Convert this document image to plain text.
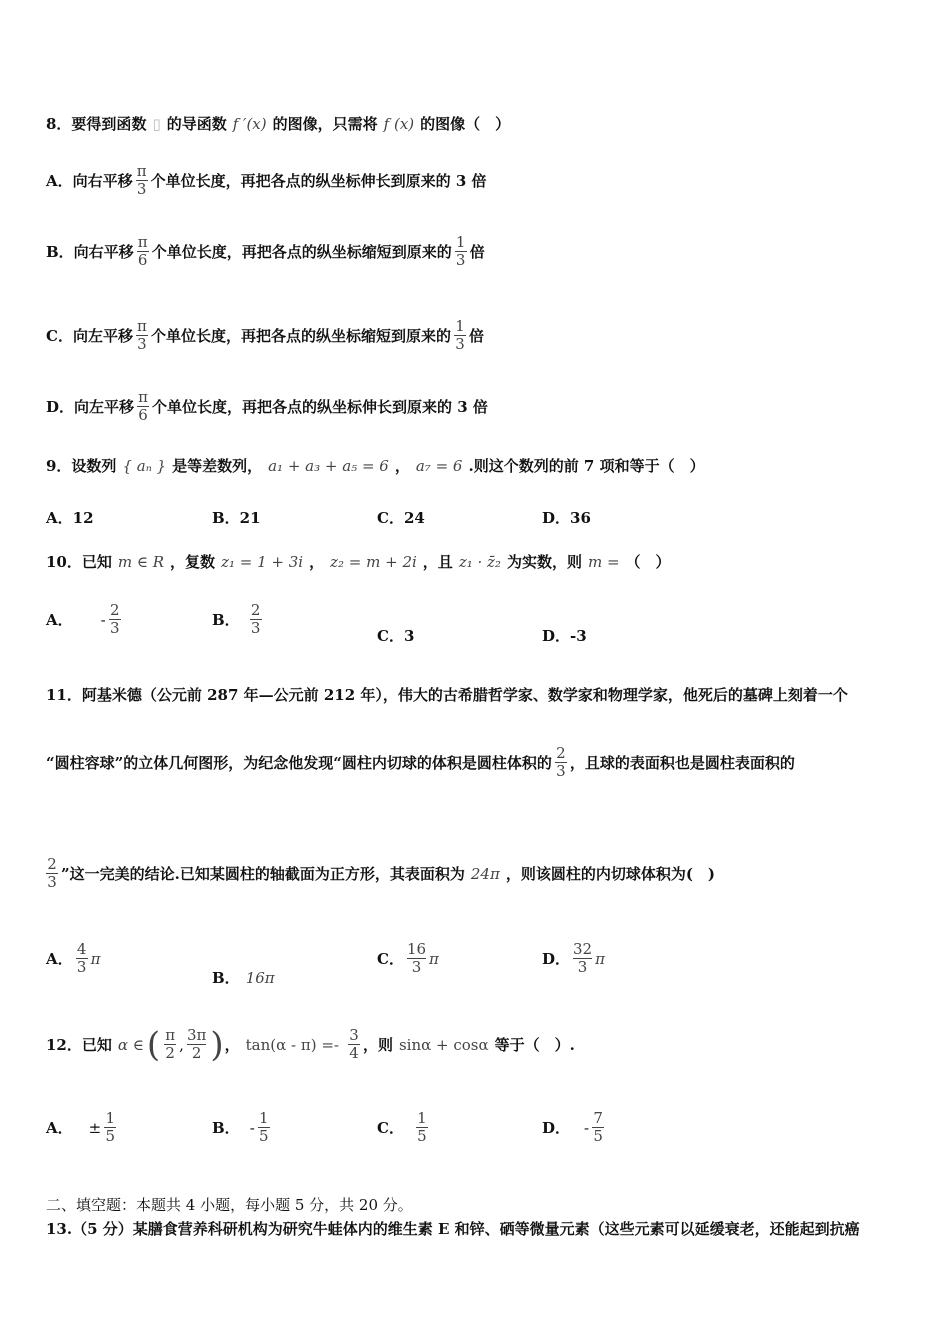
8．要得到函数 ▯ 的导函数 f ′(x) 的图像，只需将 f (x) 的图像（　）
A．向右平移 $\frac{\pi}{3}$ 个单位长度，再把各点的纵坐标伸长到原来的 3 倍
B．向右平移 $\frac{\pi}{6}$ 个单位长度，再把各点的纵坐标缩短到原来的 $\frac{1}{3}$ 倍
C．向左平移 $\frac{\pi}{3}$ 个单位长度，再把各点的纵坐标缩短到原来的 $\frac{1}{3}$ 倍
D．向左平移 $\frac{\pi}{6}$ 个单位长度，再把各点的纵坐标伸长到原来的 3 倍
9．设数列 { aₙ } 是等差数列， a₁ + a₃ + a₅ = 6 ， a₇ = 6 .则这个数列的前 7 项和等于（　）
A．12	B．21	C．24	D．36
10．已知 m ∈ R ，复数 z₁ = 1 + 3i ， z₂ = m + 2i ，且 z₁ · z̄₂ 为实数，则 m = （　）
A． - $\frac{2}{3}$	B． $\frac{2}{3}$	C．3	D．-3
11．阿基米德（公元前 287 年—公元前 212 年），伟大的古希腊哲学家、数学家和物理学家，他死后的墓碑上刻着一个
“圆柱容球”的立体几何图形，为纪念他发现“圆柱内切球的体积是圆柱体积的 $\frac{2}{3}$ ，且球的表面积也是圆柱表面积的
$\frac{2}{3}$ ”这一完美的结论.已知某圆柱的轴截面为正方形，其表面积为 24π ，则该圆柱的内切球体积为(　)
A． $\frac{4}{3}$ π
B． 16π
C． $\frac{16}{3}$ π	D． $\frac{32}{3}$ π
12．已知 α ∈ ( $\frac{\pi}{2}$ , $\frac{3\pi}{2}$ ) ， $\tan(\alpha - \pi) =- \frac{3}{4}$ ，则 sinα + cosα 等于（　）.
A． ± $\frac{1}{5}$	B． - $\frac{1}{5}$	C． $\frac{1}{5}$	D． - $\frac{7}{5}$
二、填空题：本题共 4 小题，每小题 5 分，共 20 分。
13.（5 分）某膳食营养科研机构为研究牛蛙体内的维生素 E 和锌、硒等微量元素（这些元素可以延缓衰老，还能起到抗癌
